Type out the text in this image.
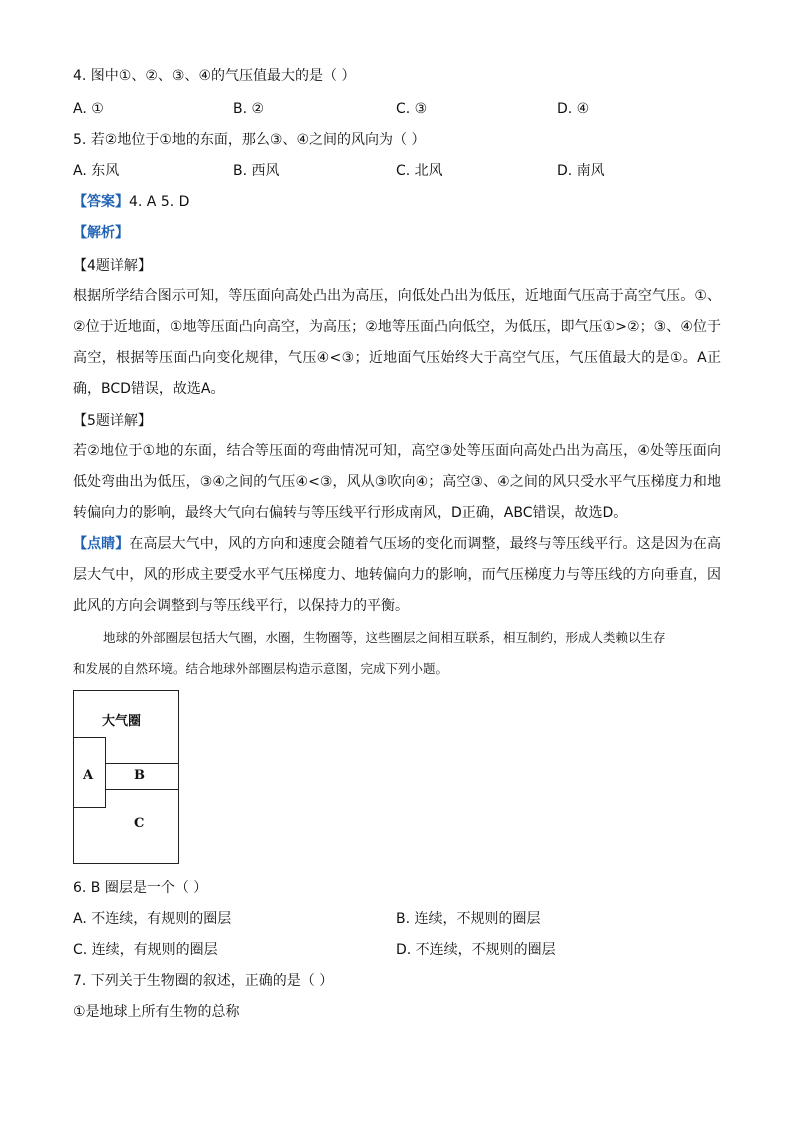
4. 图中①、②、③、④的气压值最大的是（ ）
A. ①	B. ②	C. ③	D. ④
5. 若②地位于①地的东面，那么③、④之间的风向为（ ）
A. 东风	B. 西风	C. 北风	D. 南风
【答案】4. A 5. D
【解析】
【4题详解】
根据所学结合图示可知，等压面向高处凸出为高压，向低处凸出为低压，近地面气压高于高空气压。①、②位于近地面，①地等压面凸向高空，为高压；②地等压面凸向低空，为低压，即气压①>②；③、④位于高空，根据等压面凸向变化规律，气压④<③；近地面气压始终大于高空气压，气压值最大的是①。A正确，BCD错误，故选A。
【5题详解】
若②地位于①地的东面，结合等压面的弯曲情况可知，高空③处等压面向高处凸出为高压，④处等压面向低处弯曲出为低压，③④之间的气压④<③，风从③吹向④；高空③、④之间的风只受水平气压梯度力和地转偏向力的影响，最终大气向右偏转与等压线平行形成南风，D正确，ABC错误，故选D。
【点睛】在高层大气中，风的方向和速度会随着气压场的变化而调整，最终与等压线平行。这是因为在高层大气中，风的形成主要受水平气压梯度力、地转偏向力的影响，而气压梯度力与等压线的方向垂直，因此风的方向会调整到与等压线平行，以保持力的平衡。
地球的外部圈层包括大气圈，水圈，生物圈等，这些圈层之间相互联系，相互制约，形成人类赖以生存
和发展的自然环境。结合地球外部圈层构造示意图，完成下列小题。
大气圈
A	B
C
6. B 圈层是一个（ ）
A. 不连续，有规则的圈层	B. 连续，不规则的圈层
C. 连续，有规则的圈层	D. 不连续，不规则的圈层
7. 下列关于生物圈的叙述，正确的是（ ）
①是地球上所有生物的总称
